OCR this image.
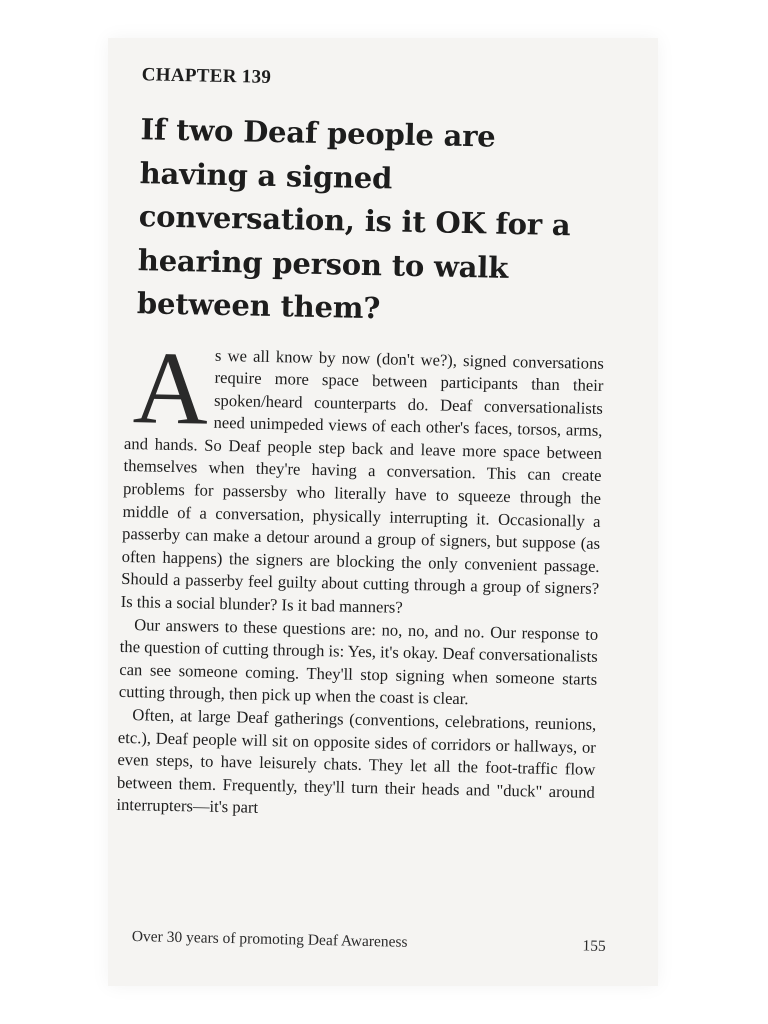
CHAPTER 139
If two Deaf people are having a signed conversation, is it OK for a hearing person to walk between them?

As we all know by now (don't we?), signed conversations require more space between participants than their spoken/heard counterparts do. Deaf conversationalists need unimpeded views of each other's faces, torsos, arms, and hands. So Deaf people step back and leave more space between themselves when they're having a conversation. This can create problems for passersby who literally have to squeeze through the middle of a conversation, physically interrupting it. Occasionally a passerby can make a detour around a group of signers, but suppose (as often happens) the signers are blocking the only convenient passage. Should a passerby feel guilty about cutting through a group of signers? Is this a social blunder? Is it bad manners?

Our answers to these questions are: no, no, and no. Our response to the question of cutting through is: Yes, it's okay. Deaf conversationalists can see someone coming. They'll stop signing when someone starts cutting through, then pick up when the coast is clear.

Often, at large Deaf gatherings (conventions, celebrations, reunions, etc.), Deaf people will sit on opposite sides of corridors or hallways, or even steps, to have leisurely chats. They let all the foot-traffic flow between them. Frequently, they'll turn their heads and "duck" around interrupters—it's part

Over 30 years of promoting Deaf Awareness	155
